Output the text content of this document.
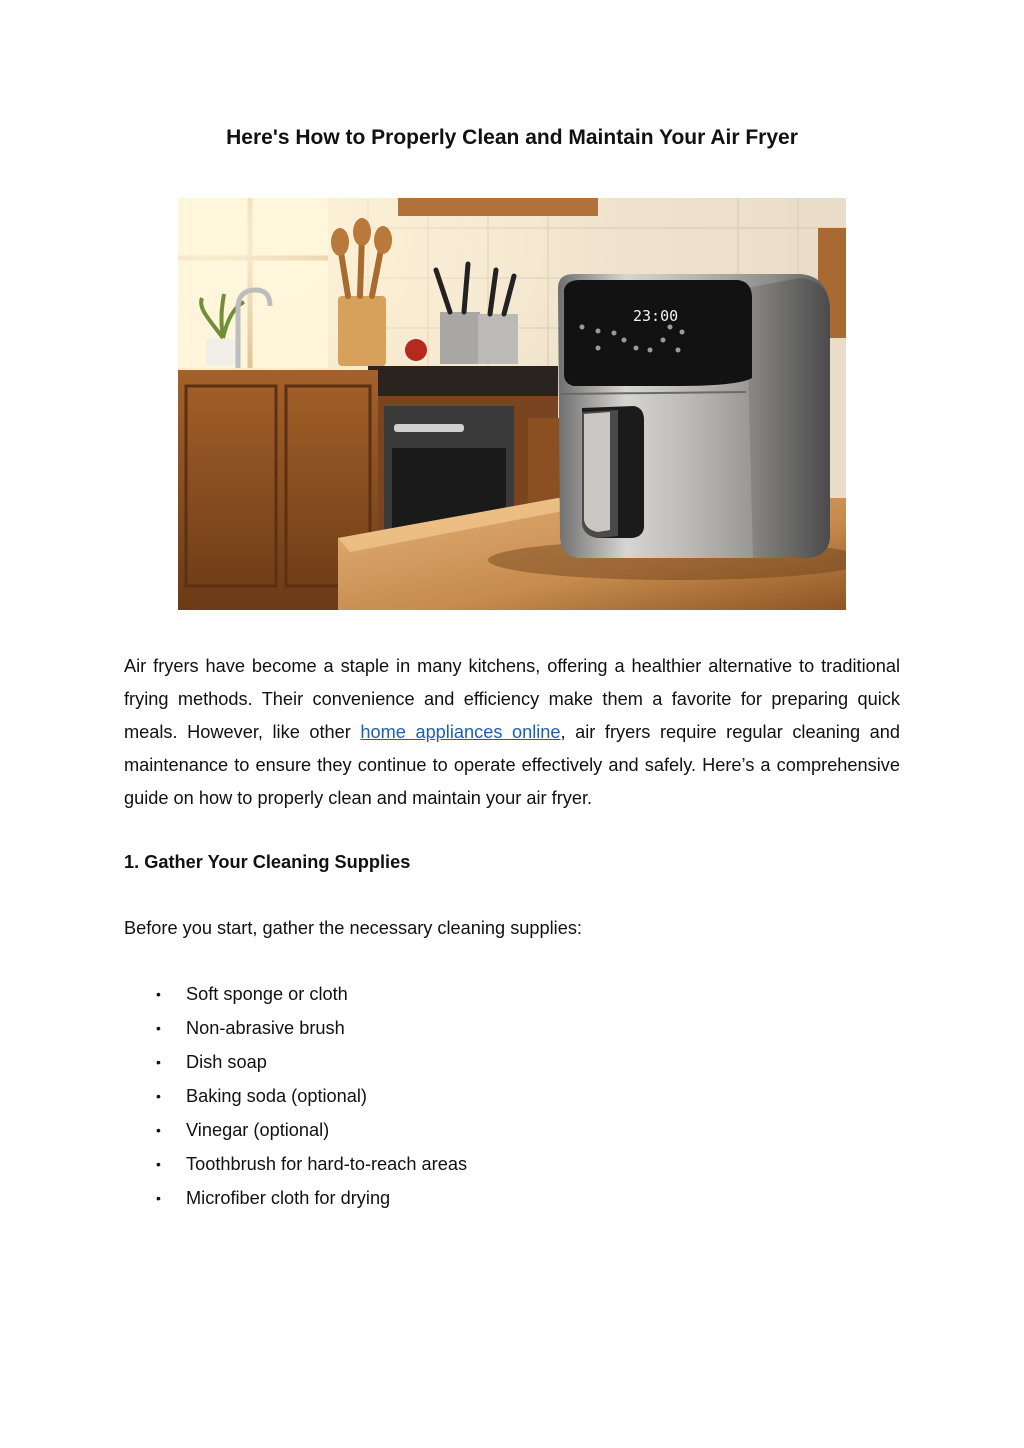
Here's How to Properly Clean and Maintain Your Air Fryer
23:00

Air fryers have become a staple in many kitchens, offering a healthier alternative to traditional frying methods. Their convenience and efficiency make them a favorite for preparing quick meals. However, like other home appliances online, air fryers require regular cleaning and maintenance to ensure they continue to operate effectively and safely. Here’s a comprehensive guide on how to properly clean and maintain your air fryer.

1. Gather Your Cleaning Supplies

Before you start, gather the necessary cleaning supplies:

• Soft sponge or cloth
• Non-abrasive brush
• Dish soap
• Baking soda (optional)
• Vinegar (optional)
• Toothbrush for hard-to-reach areas
• Microfiber cloth for drying
